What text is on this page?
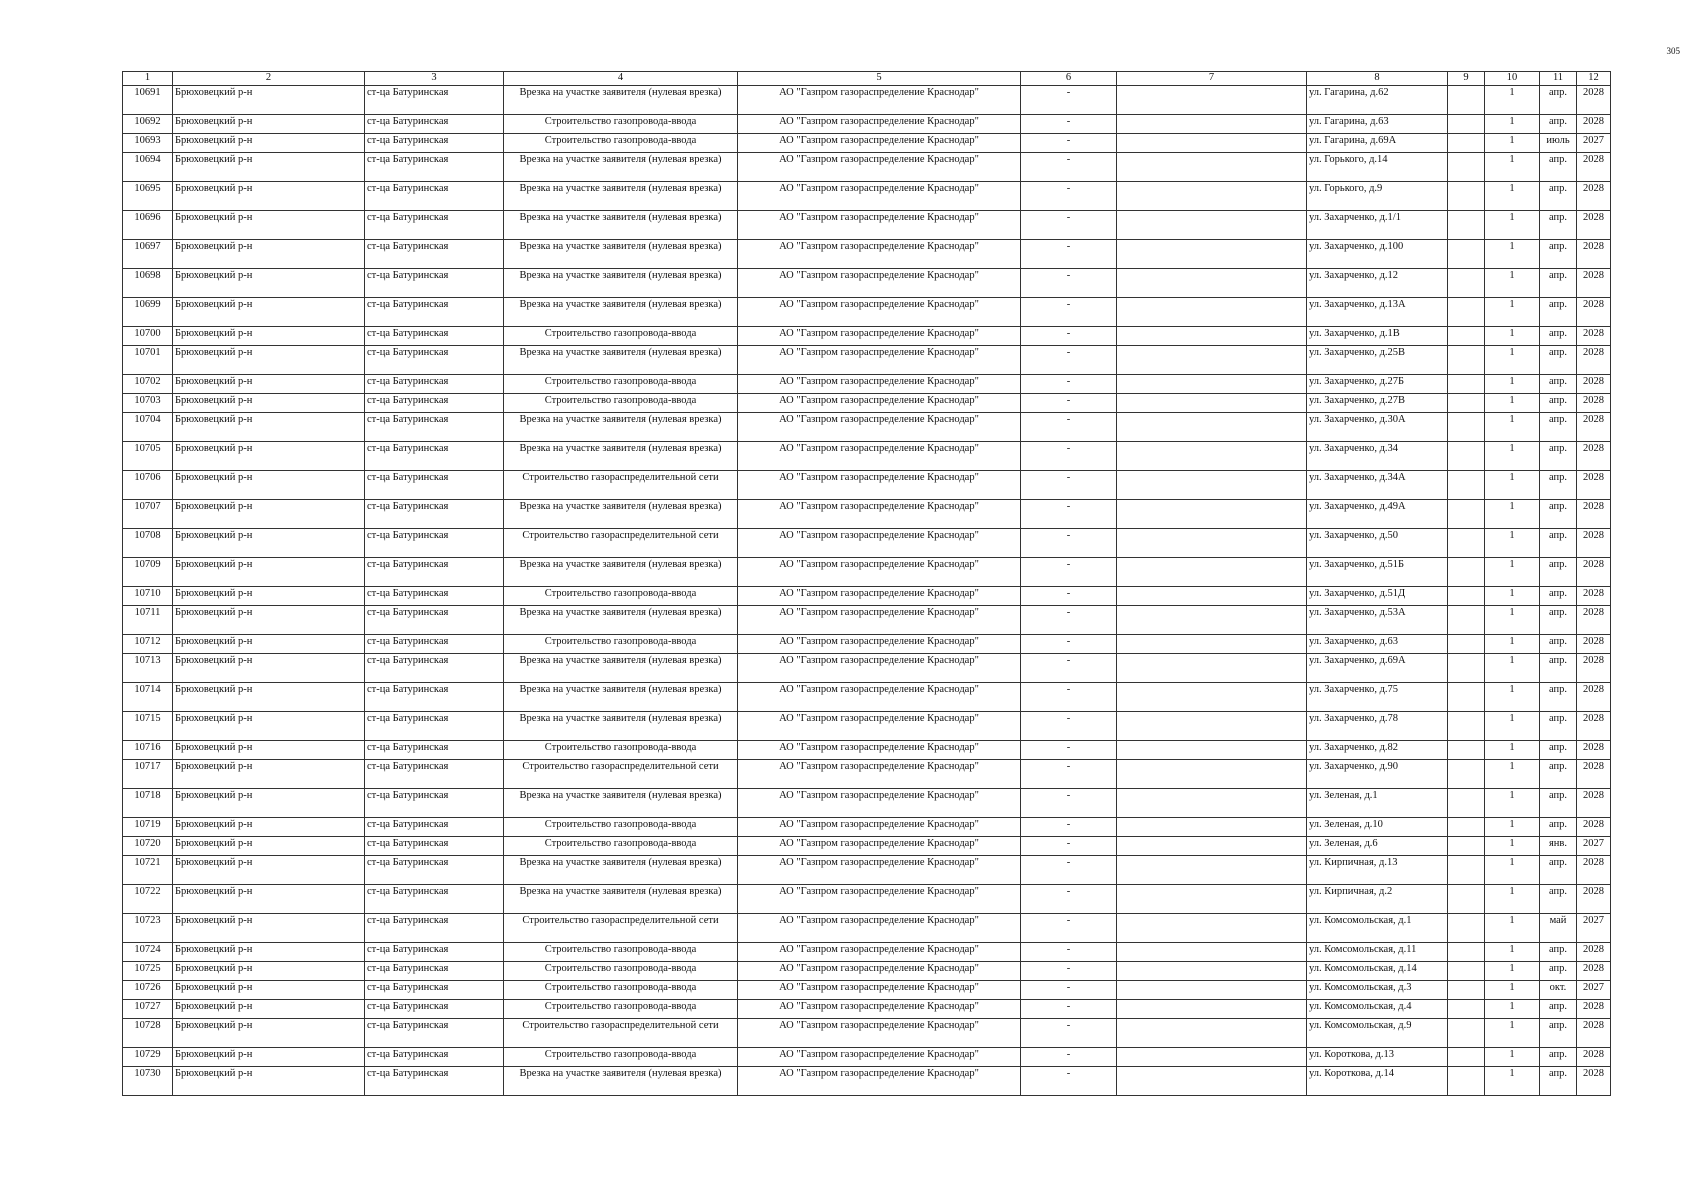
305
1	2	3	4	5	6	7	8	9	10	11	12
10691	Брюховецкий р-н	ст-ца Батуринская	Врезка на участке заявителя (нулевая врезка)	АО "Газпром газораспределение Краснодар"	-		ул. Гагарина, д.62		1	апр.	2028
10692	Брюховецкий р-н	ст-ца Батуринская	Строительство газопровода-ввода	АО "Газпром газораспределение Краснодар"	-		ул. Гагарина, д.63		1	апр.	2028
10693	Брюховецкий р-н	ст-ца Батуринская	Строительство газопровода-ввода	АО "Газпром газораспределение Краснодар"	-		ул. Гагарина, д.69А		1	июль	2027
10694	Брюховецкий р-н	ст-ца Батуринская	Врезка на участке заявителя (нулевая врезка)	АО "Газпром газораспределение Краснодар"	-		ул. Горького, д.14		1	апр.	2028
10695	Брюховецкий р-н	ст-ца Батуринская	Врезка на участке заявителя (нулевая врезка)	АО "Газпром газораспределение Краснодар"	-		ул. Горького, д.9		1	апр.	2028
10696	Брюховецкий р-н	ст-ца Батуринская	Врезка на участке заявителя (нулевая врезка)	АО "Газпром газораспределение Краснодар"	-		ул. Захарченко, д.1/1		1	апр.	2028
10697	Брюховецкий р-н	ст-ца Батуринская	Врезка на участке заявителя (нулевая врезка)	АО "Газпром газораспределение Краснодар"	-		ул. Захарченко, д.100		1	апр.	2028
10698	Брюховецкий р-н	ст-ца Батуринская	Врезка на участке заявителя (нулевая врезка)	АО "Газпром газораспределение Краснодар"	-		ул. Захарченко, д.12		1	апр.	2028
10699	Брюховецкий р-н	ст-ца Батуринская	Врезка на участке заявителя (нулевая врезка)	АО "Газпром газораспределение Краснодар"	-		ул. Захарченко, д.13А		1	апр.	2028
10700	Брюховецкий р-н	ст-ца Батуринская	Строительство газопровода-ввода	АО "Газпром газораспределение Краснодар"	-		ул. Захарченко, д.1В		1	апр.	2028
10701	Брюховецкий р-н	ст-ца Батуринская	Врезка на участке заявителя (нулевая врезка)	АО "Газпром газораспределение Краснодар"	-		ул. Захарченко, д.25В		1	апр.	2028
10702	Брюховецкий р-н	ст-ца Батуринская	Строительство газопровода-ввода	АО "Газпром газораспределение Краснодар"	-		ул. Захарченко, д.27Б		1	апр.	2028
10703	Брюховецкий р-н	ст-ца Батуринская	Строительство газопровода-ввода	АО "Газпром газораспределение Краснодар"	-		ул. Захарченко, д.27В		1	апр.	2028
10704	Брюховецкий р-н	ст-ца Батуринская	Врезка на участке заявителя (нулевая врезка)	АО "Газпром газораспределение Краснодар"	-		ул. Захарченко, д.30А		1	апр.	2028
10705	Брюховецкий р-н	ст-ца Батуринская	Врезка на участке заявителя (нулевая врезка)	АО "Газпром газораспределение Краснодар"	-		ул. Захарченко, д.34		1	апр.	2028
10706	Брюховецкий р-н	ст-ца Батуринская	Строительство газораспределительной сети	АО "Газпром газораспределение Краснодар"	-		ул. Захарченко, д.34А		1	апр.	2028
10707	Брюховецкий р-н	ст-ца Батуринская	Врезка на участке заявителя (нулевая врезка)	АО "Газпром газораспределение Краснодар"	-		ул. Захарченко, д.49А		1	апр.	2028
10708	Брюховецкий р-н	ст-ца Батуринская	Строительство газораспределительной сети	АО "Газпром газораспределение Краснодар"	-		ул. Захарченко, д.50		1	апр.	2028
10709	Брюховецкий р-н	ст-ца Батуринская	Врезка на участке заявителя (нулевая врезка)	АО "Газпром газораспределение Краснодар"	-		ул. Захарченко, д.51Б		1	апр.	2028
10710	Брюховецкий р-н	ст-ца Батуринская	Строительство газопровода-ввода	АО "Газпром газораспределение Краснодар"	-		ул. Захарченко, д.51Д		1	апр.	2028
10711	Брюховецкий р-н	ст-ца Батуринская	Врезка на участке заявителя (нулевая врезка)	АО "Газпром газораспределение Краснодар"	-		ул. Захарченко, д.53А		1	апр.	2028
10712	Брюховецкий р-н	ст-ца Батуринская	Строительство газопровода-ввода	АО "Газпром газораспределение Краснодар"	-		ул. Захарченко, д.63		1	апр.	2028
10713	Брюховецкий р-н	ст-ца Батуринская	Врезка на участке заявителя (нулевая врезка)	АО "Газпром газораспределение Краснодар"	-		ул. Захарченко, д.69А		1	апр.	2028
10714	Брюховецкий р-н	ст-ца Батуринская	Врезка на участке заявителя (нулевая врезка)	АО "Газпром газораспределение Краснодар"	-		ул. Захарченко, д.75		1	апр.	2028
10715	Брюховецкий р-н	ст-ца Батуринская	Врезка на участке заявителя (нулевая врезка)	АО "Газпром газораспределение Краснодар"	-		ул. Захарченко, д.78		1	апр.	2028
10716	Брюховецкий р-н	ст-ца Батуринская	Строительство газопровода-ввода	АО "Газпром газораспределение Краснодар"	-		ул. Захарченко, д.82		1	апр.	2028
10717	Брюховецкий р-н	ст-ца Батуринская	Строительство газораспределительной сети	АО "Газпром газораспределение Краснодар"	-		ул. Захарченко, д.90		1	апр.	2028
10718	Брюховецкий р-н	ст-ца Батуринская	Врезка на участке заявителя (нулевая врезка)	АО "Газпром газораспределение Краснодар"	-		ул. Зеленая, д.1		1	апр.	2028
10719	Брюховецкий р-н	ст-ца Батуринская	Строительство газопровода-ввода	АО "Газпром газораспределение Краснодар"	-		ул. Зеленая, д.10		1	апр.	2028
10720	Брюховецкий р-н	ст-ца Батуринская	Строительство газопровода-ввода	АО "Газпром газораспределение Краснодар"	-		ул. Зеленая, д.6		1	янв.	2027
10721	Брюховецкий р-н	ст-ца Батуринская	Врезка на участке заявителя (нулевая врезка)	АО "Газпром газораспределение Краснодар"	-		ул. Кирпичная, д.13		1	апр.	2028
10722	Брюховецкий р-н	ст-ца Батуринская	Врезка на участке заявителя (нулевая врезка)	АО "Газпром газораспределение Краснодар"	-		ул. Кирпичная, д.2		1	апр.	2028
10723	Брюховецкий р-н	ст-ца Батуринская	Строительство газораспределительной сети	АО "Газпром газораспределение Краснодар"	-		ул. Комсомольская, д.1		1	май	2027
10724	Брюховецкий р-н	ст-ца Батуринская	Строительство газопровода-ввода	АО "Газпром газораспределение Краснодар"	-		ул. Комсомольская, д.11		1	апр.	2028
10725	Брюховецкий р-н	ст-ца Батуринская	Строительство газопровода-ввода	АО "Газпром газораспределение Краснодар"	-		ул. Комсомольская, д.14		1	апр.	2028
10726	Брюховецкий р-н	ст-ца Батуринская	Строительство газопровода-ввода	АО "Газпром газораспределение Краснодар"	-		ул. Комсомольская, д.3		1	окт.	2027
10727	Брюховецкий р-н	ст-ца Батуринская	Строительство газопровода-ввода	АО "Газпром газораспределение Краснодар"	-		ул. Комсомольская, д.4		1	апр.	2028
10728	Брюховецкий р-н	ст-ца Батуринская	Строительство газораспределительной сети	АО "Газпром газораспределение Краснодар"	-		ул. Комсомольская, д.9		1	апр.	2028
10729	Брюховецкий р-н	ст-ца Батуринская	Строительство газопровода-ввода	АО "Газпром газораспределение Краснодар"	-		ул. Короткова, д.13		1	апр.	2028
10730	Брюховецкий р-н	ст-ца Батуринская	Врезка на участке заявителя (нулевая врезка)	АО "Газпром газораспределение Краснодар"	-		ул. Короткова, д.14		1	апр.	2028
